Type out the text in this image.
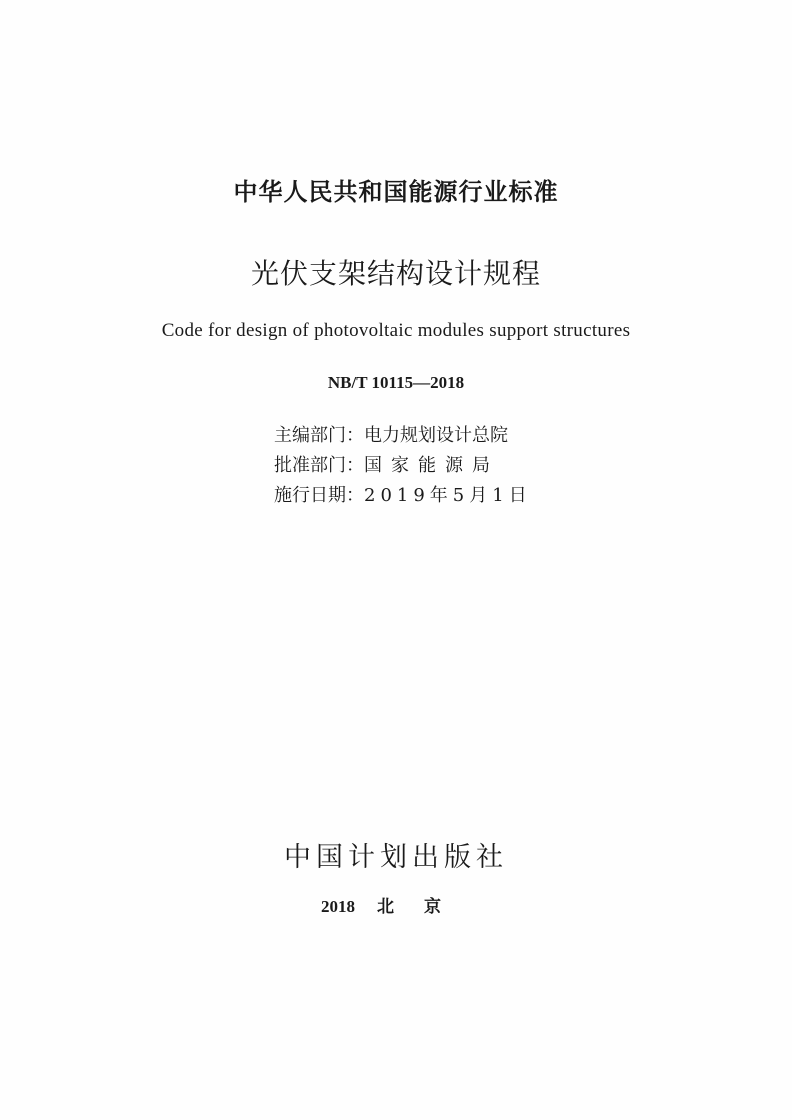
中华人民共和国能源行业标准
光伏支架结构设计规程
Code for design of photovoltaic modules support structures
NB/T 10115—2018
主编部门： 电力规划设计总院
批准部门： 国家能源局
施行日期： 2019年5月1日
中国计划出版社
2018 北京
